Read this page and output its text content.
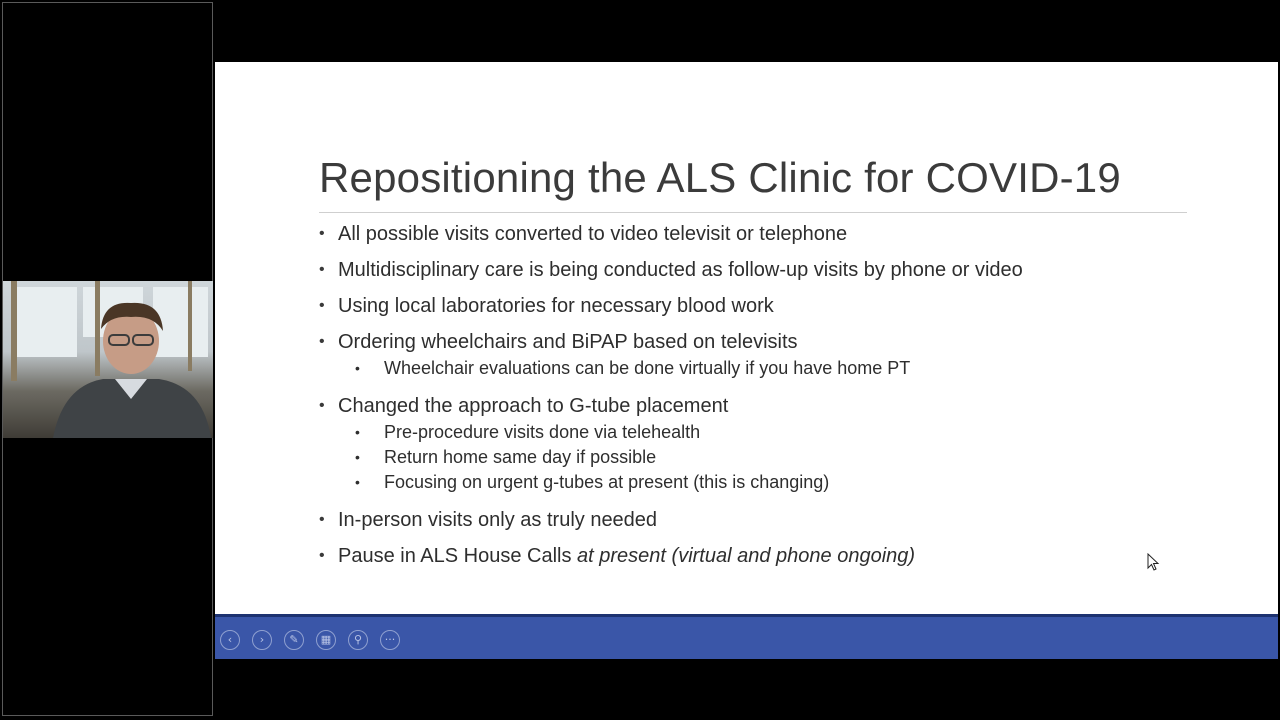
Repositioning the ALS Clinic for COVID-19
• All possible visits converted to video televisit or telephone
• Multidisciplinary care is being conducted as follow-up visits by phone or video
• Using local laboratories for necessary blood work
• Ordering wheelchairs and BiPAP based on televisits
• Wheelchair evaluations can be done virtually if you have home PT
• Changed the approach to G-tube placement
• Pre-procedure visits done via telehealth
• Return home same day if possible
• Focusing on urgent g-tubes at present (this is changing)
• In-person visits only as truly needed
• Pause in ALS House Calls at present (virtual and phone ongoing)
‹	›	✎	▦	⚲	···
